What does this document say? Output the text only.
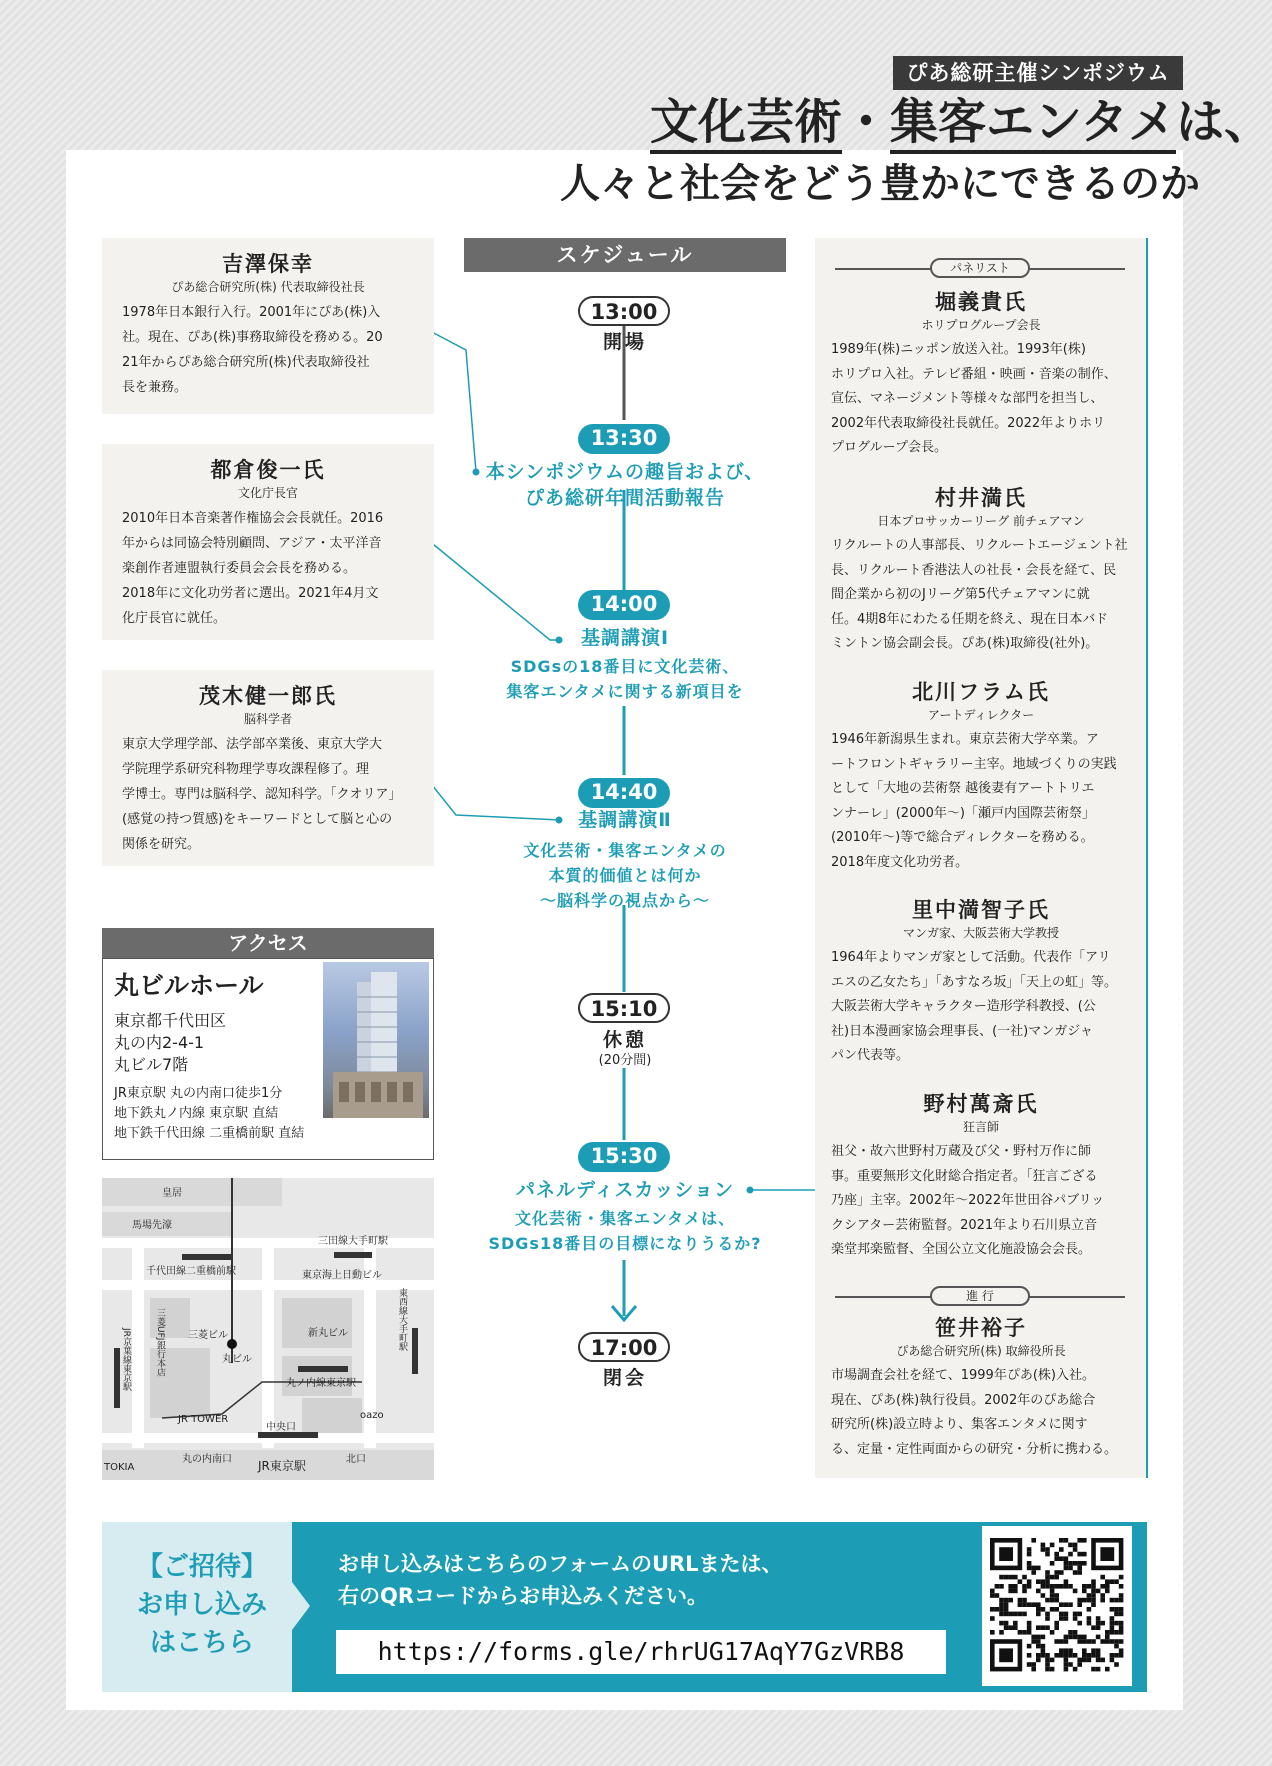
ぴあ総研主催シンポジウム
文化芸術・集客エンタメは、
人々と社会をどう豊かにできるのか
吉澤保幸
ぴあ総合研究所(株) 代表取締役社長
1978年日本銀行入行。2001年にぴあ(株)入
社。現在、ぴあ(株)事務取締役を務める。20
21年からぴあ総合研究所(株)代表取締役社
長を兼務。
都倉俊一氏
文化庁長官
2010年日本音楽著作権協会会長就任。2016
年からは同協会特別顧問、アジア・太平洋音
楽創作者連盟執行委員会会長を務める。
2018年に文化功労者に選出。2021年4月文
化庁長官に就任。
茂木健一郎氏
脳科学者
東京大学理学部、法学部卒業後、東京大学大
学院理学系研究科物理学専攻課程修了。理
学博士。専門は脳科学、認知科学。「クオリア」
(感覚の持つ質感)をキーワードとして脳と心の
関係を研究。
スケジュール
13:00
開場
13:30
本シンポジウムの趣旨および、
ぴあ総研年間活動報告
14:00
基調講演Ⅰ
SDGsの18番目に文化芸術、
集客エンタメに関する新項目を
14:40
基調講演Ⅱ
文化芸術・集客エンタメの
本質的価値とは何か
〜脳科学の視点から〜
15:10
休憩
(20分間)
15:30
パネルディスカッション
文化芸術・集客エンタメは、
SDGs18番目の目標になりうるか?
17:00
閉会
アクセス
丸ビルホール
東京都千代田区
丸の内2-4-1
丸ビル7階
JR東京駅 丸の内南口徒歩1分
地下鉄丸ノ内線 東京駅 直結
地下鉄千代田線 二重橋前駅 直結
皇居
馬場先濠
三田線大手町駅
千代田線二重橋前駅	東京海上日動ビル
三菱ビル
丸ビル
新丸ビル
丸ノ内線東京駅
JR TOWER	oazo
中央口
丸の内南口	北口
TOKIA	JR東京駅
三菱UFJ銀行本店
JR京葉線東京駅
東西線大手町駅
パネリスト
堀義貴氏
ホリプログループ会長
1989年(株)ニッポン放送入社。1993年(株)
ホリプロ入社。テレビ番組・映画・音楽の制作、
宣伝、マネージメント等様々な部門を担当し、
2002年代表取締役社長就任。2022年よりホリ
プログループ会長。
村井満氏
日本プロサッカーリーグ 前チェアマン
リクルートの人事部長、リクルートエージェント社
長、リクルート香港法人の社長・会長を経て、民
間企業から初のJリーグ第5代チェアマンに就
任。4期8年にわたる任期を終え、現在日本バド
ミントン協会副会長。ぴあ(株)取締役(社外)。
北川フラム氏
アートディレクター
1946年新潟県生まれ。東京芸術大学卒業。ア
ートフロントギャラリー主宰。地域づくりの実践
として「大地の芸術祭 越後妻有アートトリエ
ンナーレ」(2000年〜)「瀬戸内国際芸術祭」
(2010年〜)等で総合ディレクターを務める。
2018年度文化功労者。
里中満智子氏
マンガ家、大阪芸術大学教授
1964年よりマンガ家として活動。代表作「アリ
エスの乙女たち」「あすなろ坂」「天上の虹」等。
大阪芸術大学キャラクター造形学科教授、(公
社)日本漫画家協会理事長、(一社)マンガジャ
パン代表等。
野村萬斎氏
狂言師
祖父・故六世野村万蔵及び父・野村万作に師
事。重要無形文化財総合指定者。「狂言ござる
乃座」主宰。2002年〜2022年世田谷パブリッ
クシアター芸術監督。2021年より石川県立音
楽堂邦楽監督、全国公立文化施設協会会長。
進 行
笹井裕子
ぴあ総合研究所(株) 取締役所長
市場調査会社を経て、1999年ぴあ(株)入社。
現在、ぴあ(株)執行役員。2002年のぴあ総合
研究所(株)設立時より、集客エンタメに関す
る、定量・定性両面からの研究・分析に携わる。
【ご招待】
お申し込み
はこちら
お申し込みはこちらのフォームのURLまたは、
右のQRコードからお申込みください。
https://forms.gle/rhrUG17AqY7GzVRB8
